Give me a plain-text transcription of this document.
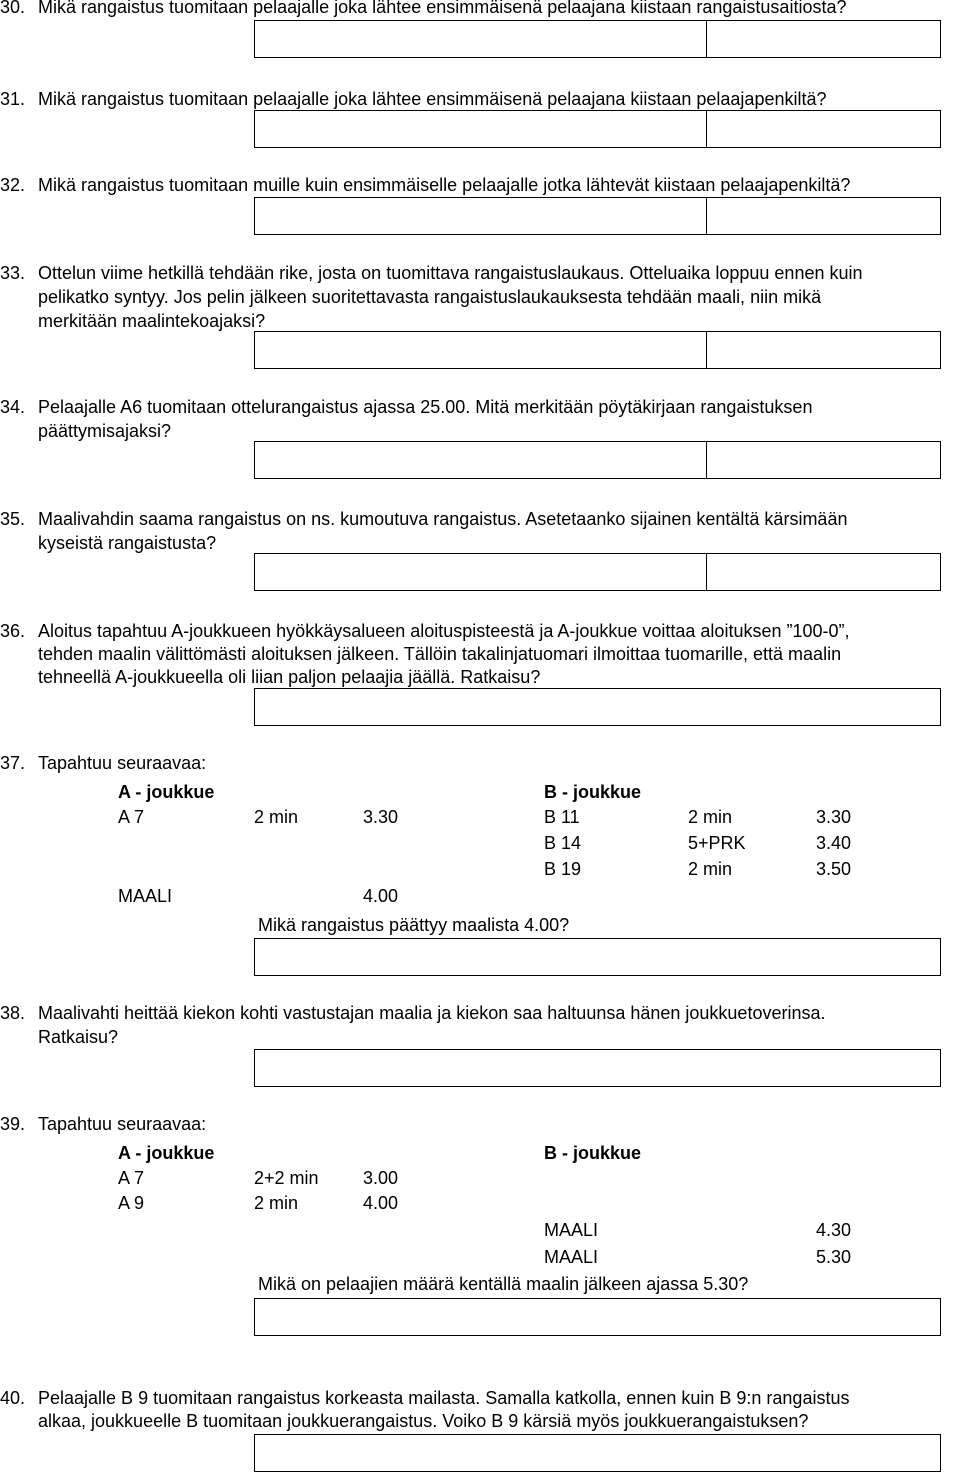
30. Mikä rangaistus tuomitaan pelaajalle joka lähtee ensimmäisenä pelaajana kiistaan rangaistusaitiosta?
31. Mikä rangaistus tuomitaan pelaajalle joka lähtee ensimmäisenä pelaajana kiistaan pelaajapenkiltä?
32. Mikä rangaistus tuomitaan muille kuin ensimmäiselle pelaajalle jotka lähtevät kiistaan pelaajapenkiltä?
33. Ottelun viime hetkillä tehdään rike, josta on tuomittava rangaistuslaukaus. Otteluaika loppuu ennen kuin
pelikatko syntyy. Jos pelin jälkeen suoritettavasta rangaistuslaukauksesta tehdään maali, niin mikä
merkitään maalintekoajaksi?
34. Pelaajalle A6 tuomitaan ottelurangaistus ajassa 25.00. Mitä merkitään pöytäkirjaan rangaistuksen
päättymisajaksi?
35. Maalivahdin saama rangaistus on ns. kumoutuva rangaistus. Asetetaanko sijainen kentältä kärsimään
kyseistä rangaistusta?
36. Aloitus tapahtuu A-joukkueen hyökkäysalueen aloituspisteestä ja A-joukkue voittaa aloituksen ”100-0”,
tehden maalin välittömästi aloituksen jälkeen. Tällöin takalinjatuomari ilmoittaa tuomarille, että maalin
tehneellä A-joukkueella oli liian paljon pelaajia jäällä. Ratkaisu?
37. Tapahtuu seuraavaa:
A - joukkue	B - joukkue
A 7	2 min	3.30	B 11	2 min	3.30
B 14	5+PRK	3.40
B 19	2 min	3.50
MAALI	4.00
Mikä rangaistus päättyy maalista 4.00?
38. Maalivahti heittää kiekon kohti vastustajan maalia ja kiekon saa haltuunsa hänen joukkuetoverinsa.
Ratkaisu?
39. Tapahtuu seuraavaa:
A - joukkue	B - joukkue
A 7	2+2 min 3.00
A 9	2 min	4.00
MAALI	4.30
MAALI	5.30
Mikä on pelaajien määrä kentällä maalin jälkeen ajassa 5.30?
40. Pelaajalle B 9 tuomitaan rangaistus korkeasta mailasta. Samalla katkolla, ennen kuin B 9:n rangaistus
alkaa, joukkueelle B tuomitaan joukkuerangaistus. Voiko B 9 kärsiä myös joukkuerangaistuksen?
